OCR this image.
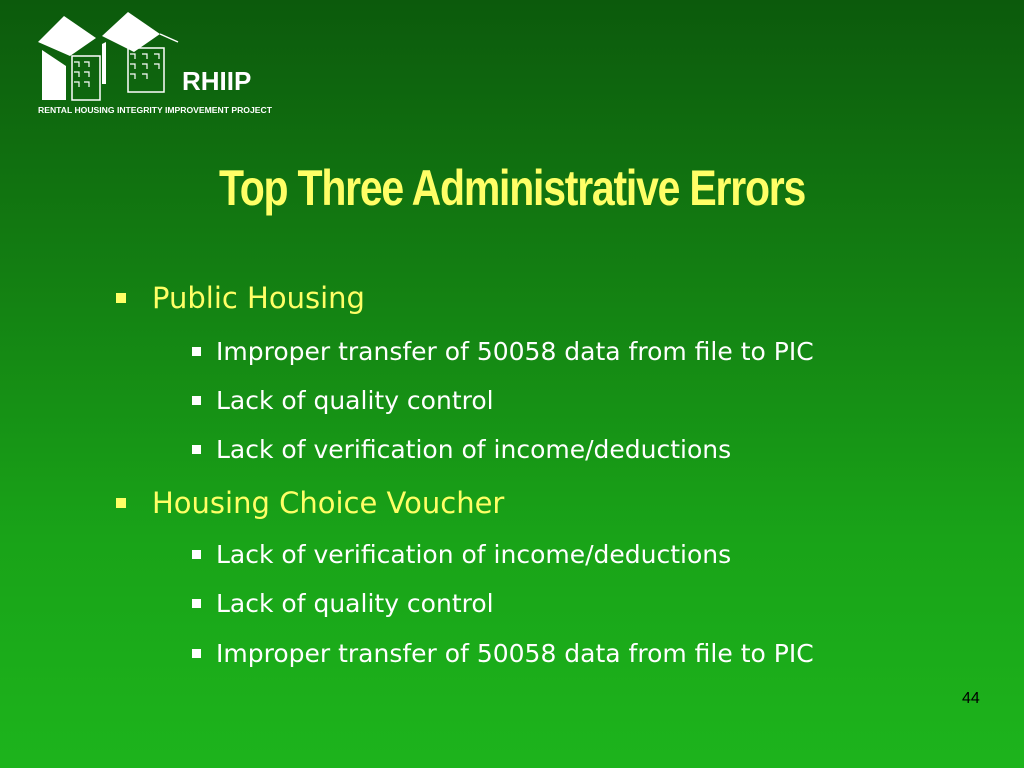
RHIIP
RENTAL HOUSING INTEGRITY IMPROVEMENT PROJECT
Top Three Administrative Errors
Public Housing
Improper transfer of 50058 data from file to PIC
Lack of quality control
Lack of verification of income/deductions
Housing Choice Voucher
Lack of verification of income/deductions
Lack of quality control
Improper transfer of 50058 data from file to PIC
44
